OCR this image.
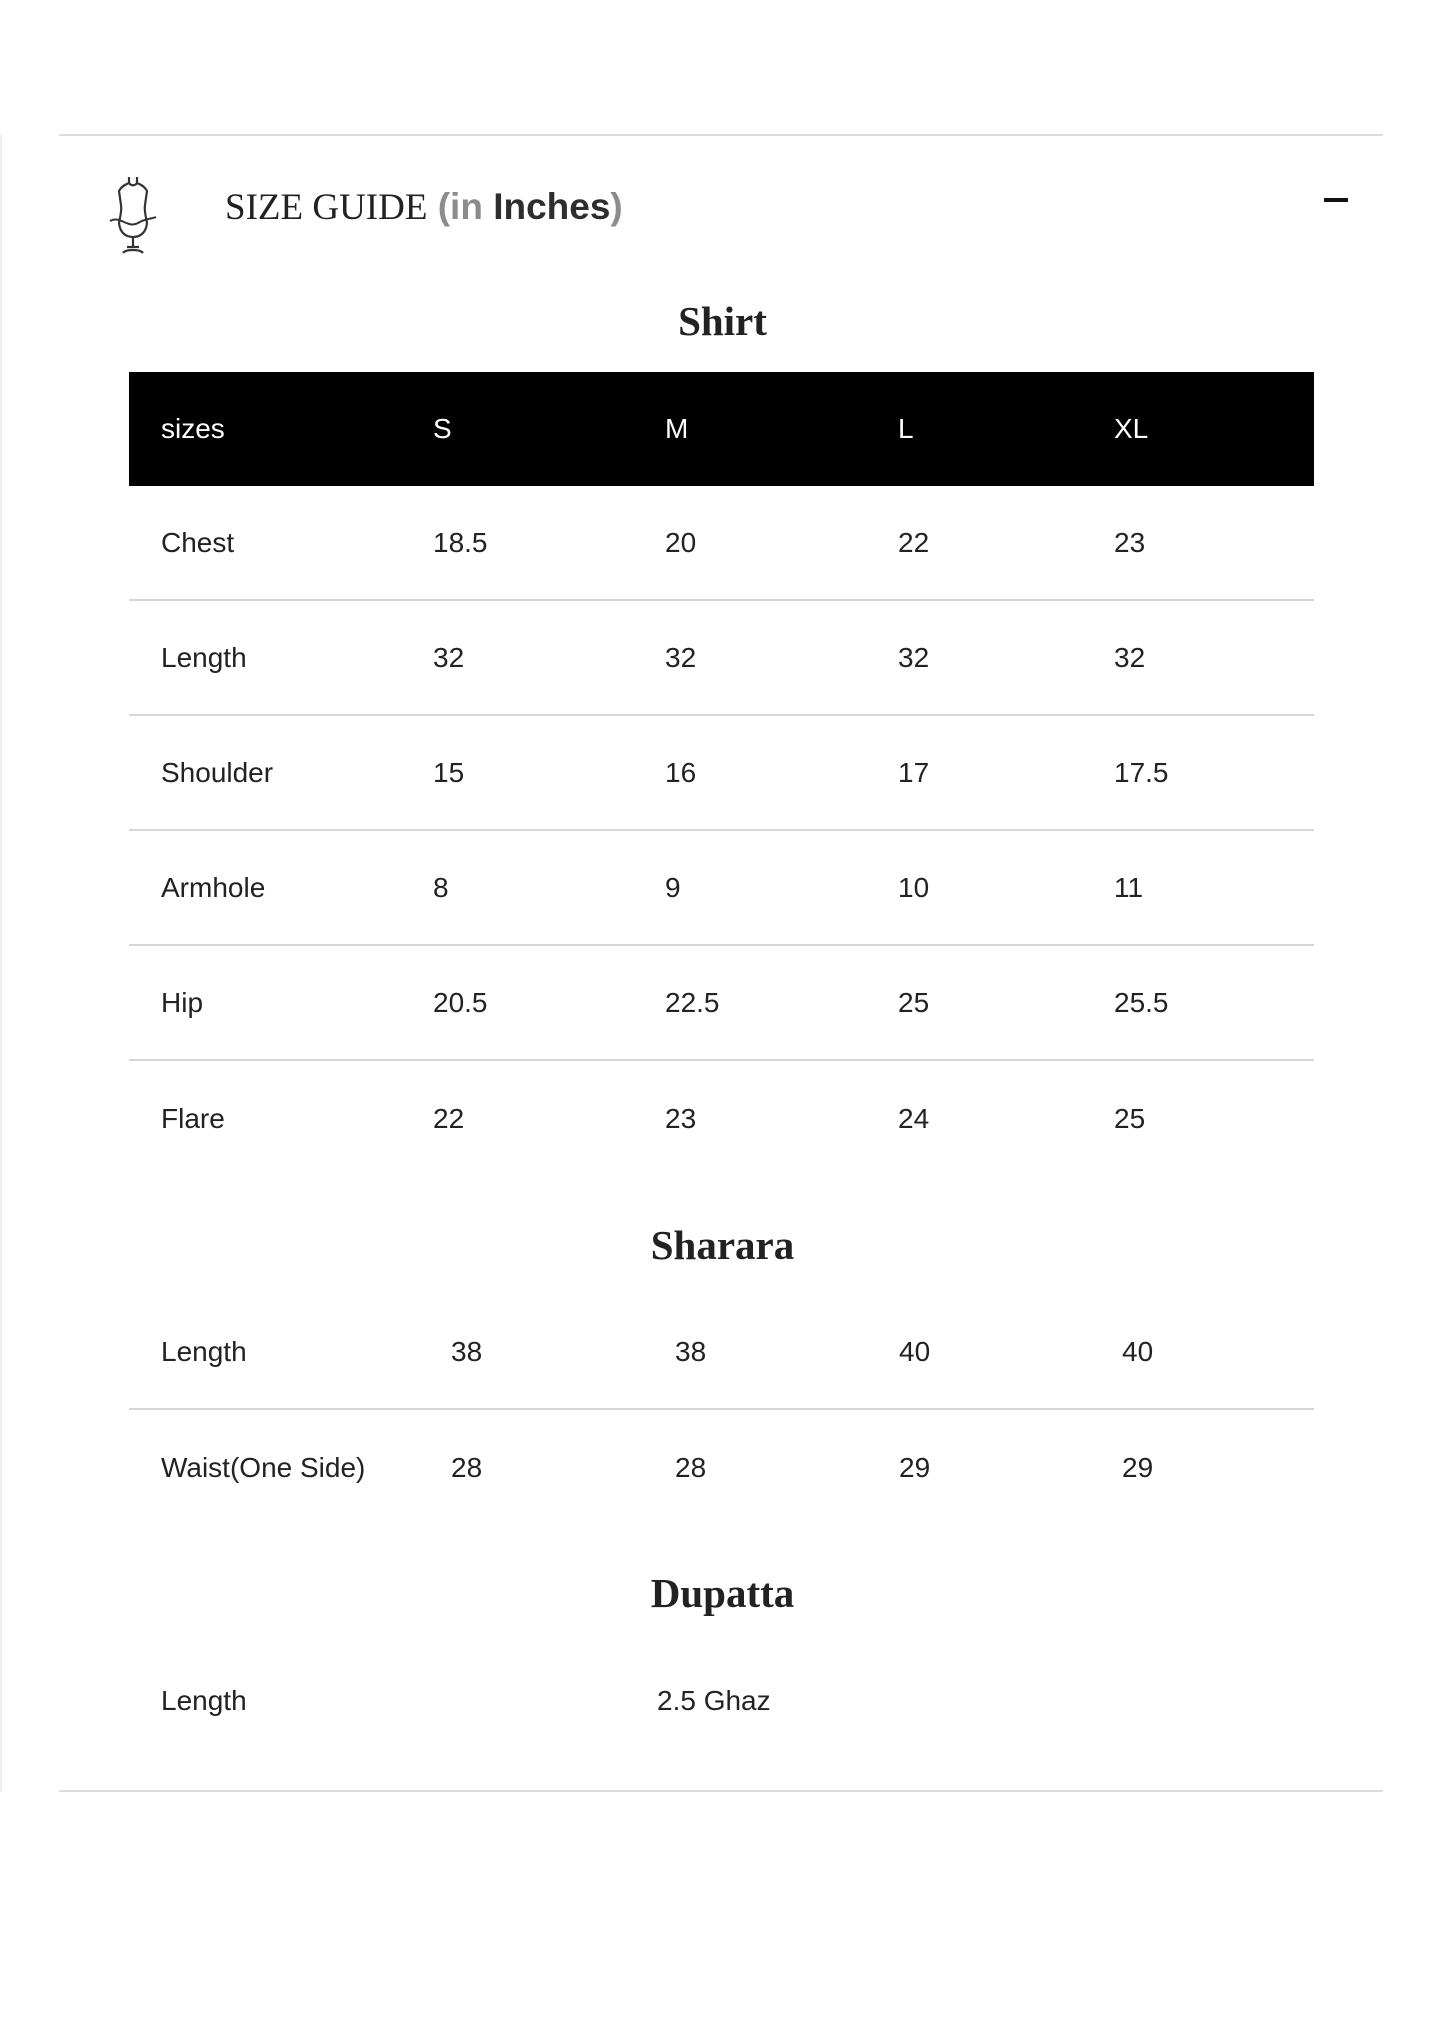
SIZE GUIDE (in Inches)
Shirt
sizes	S	M	L	XL
Chest	18.5	20	22	23
Length	32	32	32	32
Shoulder	15	16	17	17.5
Armhole	8	9	10	11
Hip	20.5	22.5	25	25.5
Flare	22	23	24	25
Sharara
Length	38	38	40	40
Waist(One Side)	28	28	29	29
Dupatta
Length	2.5 Ghaz
